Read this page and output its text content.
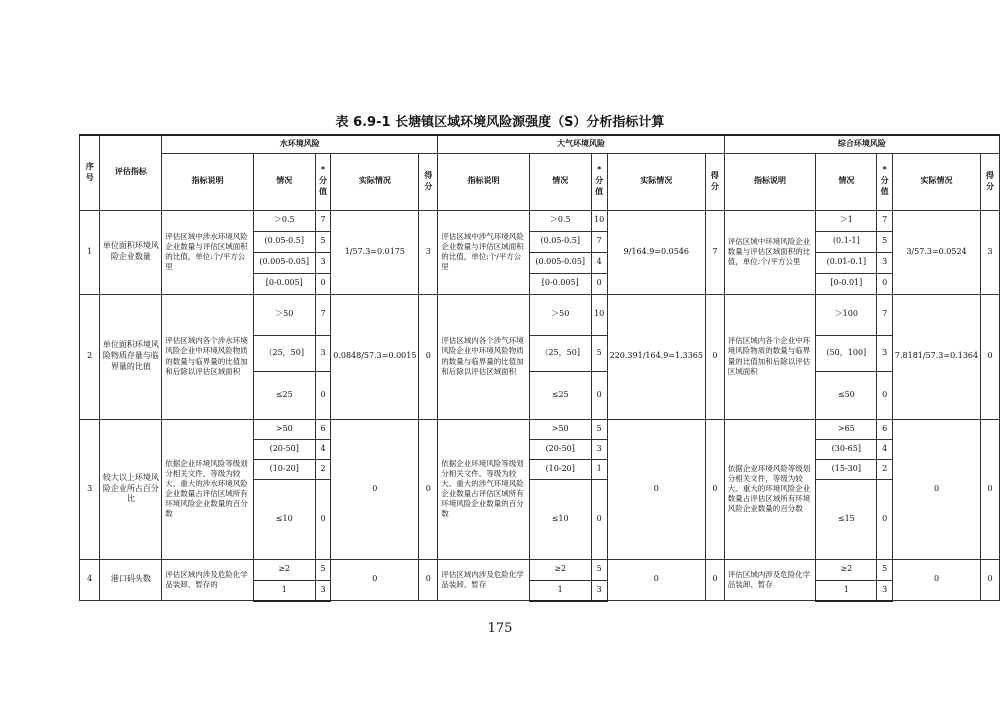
表 6.9-1 长塘镇区域环境风险源强度（S）分析指标计算
序号	评估指标	水环境风险					大气环境风险					综合环境风险				
		指标说明	情况	*分值	实际情况	得分	指标说明	情况	*分值	实际情况	得分	指标说明	情况	*分值	实际情况	得分
1	单位面积环境风险企业数量	评估区域中涉水环境风险企业数量与评估区域面积的比值，单位:个/平方公里	＞0.5	7	1/57.3=0.0175	3	评估区域中涉气环境风险企业数量与评估区域面积的比值，单位:个/平方公里	＞0.5	10	9/164.9=0.0546	7	评估区域中环境风险企业数量与评估区域面积的比值，单位:个/平方公里	＞1	7	3/57.3=0.0524	3
			(0.05-0.5]	5				(0.05-0.5]	7				(0.1-1]	5		
			(0.005-0.05]	3				(0.005-0.05]	4				(0.01-0.1]	3		
			[0-0.005]	0				[0-0.005]	0				[0-0.01]	0		
2	单位面积环境风险物质存量与临界量的比值	评估区域内各个涉水环境风险企业中环境风险物质的数量与临界量的比值加和后除以评估区域面积	＞50	7	0.0848/57.3=0.0015	0	评估区域内各个涉气环境风险企业中环境风险物质的数量与临界量的比值加和后除以评估区域面积	＞50	10	220.391/164.9=1.3365	0	评估区域内各个企业中环境风险物质的数量与临界量的比值加和后除以评估区域面积	＞100	7	7.8181/57.3=0.1364	0
			（25，50]	3				（25，50]	5				(50，100]	3		
			≤25	0				≤25	0				≤50	0		
3	较大以上环境风险企业所占百分比	依据企业环境风险等级划分相关文件，等级为较大、重大的涉水环境风险企业数量占评估区域所有环境风险企业数量的百分数	>50	6	0	0	依据企业环境风险等级划分相关文件，等级为较大、重大的涉气环境风险企业数量占评估区域所有环境风险企业数量的百分数	>50	5	0	0	依据企业环境风险等级划分相关文件，等级为较大、重大的环境风险企业数量占评估区域所有环境风险企业数量的百分数	>65	6	0	0
			(20-50]	4				(20-50]	3				(30-65]	4		
			(10-20]	2				(10-20]	1				(15-30]	2		
			≤10	0				≤10	0				≤15	0		
4	港口码头数	评估区域内涉及危险化学品装卸、暂存的	≥2	5	0	0	评估区域内涉及危险化学品装卸、暂存	≥2	5	0	0	评估区域内涉及危险化学品装卸、暂存	≥2	5	0	0
			1	3				1	3				1	3		
175
